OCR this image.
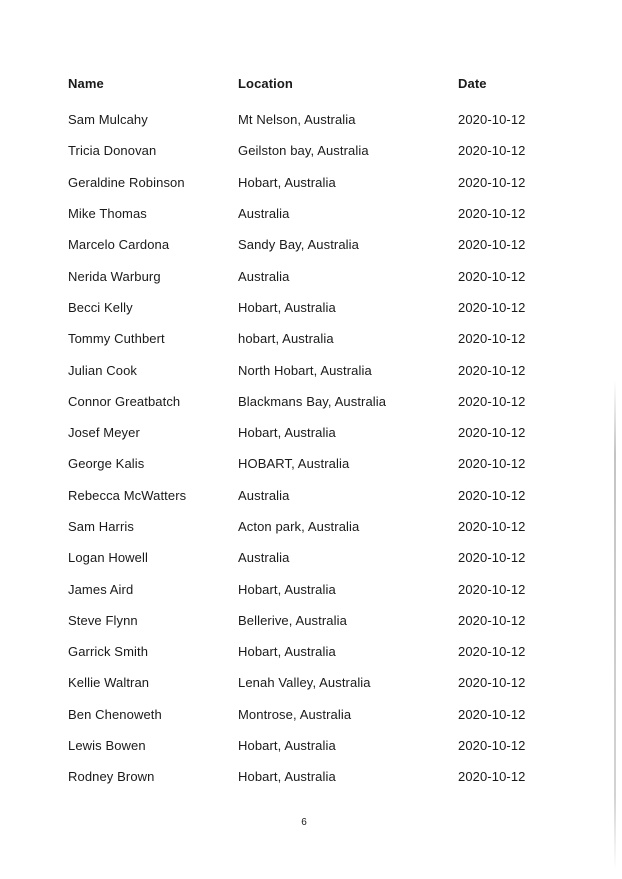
Name	Location	Date
Sam Mulcahy	Mt Nelson, Australia	2020-10-12
Tricia Donovan	Geilston bay, Australia	2020-10-12
Geraldine Robinson	Hobart, Australia	2020-10-12
Mike Thomas	Australia	2020-10-12
Marcelo Cardona	Sandy Bay, Australia	2020-10-12
Nerida Warburg	Australia	2020-10-12
Becci Kelly	Hobart, Australia	2020-10-12
Tommy Cuthbert	hobart, Australia	2020-10-12
Julian Cook	North Hobart, Australia	2020-10-12
Connor Greatbatch	Blackmans Bay, Australia	2020-10-12
Josef Meyer	Hobart, Australia	2020-10-12
George Kalis	HOBART, Australia	2020-10-12
Rebecca McWatters	Australia	2020-10-12
Sam Harris	Acton park, Australia	2020-10-12
Logan Howell	Australia	2020-10-12
James Aird	Hobart, Australia	2020-10-12
Steve Flynn	Bellerive, Australia	2020-10-12
Garrick Smith	Hobart, Australia	2020-10-12
Kellie Waltran	Lenah Valley, Australia	2020-10-12
Ben Chenoweth	Montrose, Australia	2020-10-12
Lewis Bowen	Hobart, Australia	2020-10-12
Rodney Brown	Hobart, Australia	2020-10-12
6
